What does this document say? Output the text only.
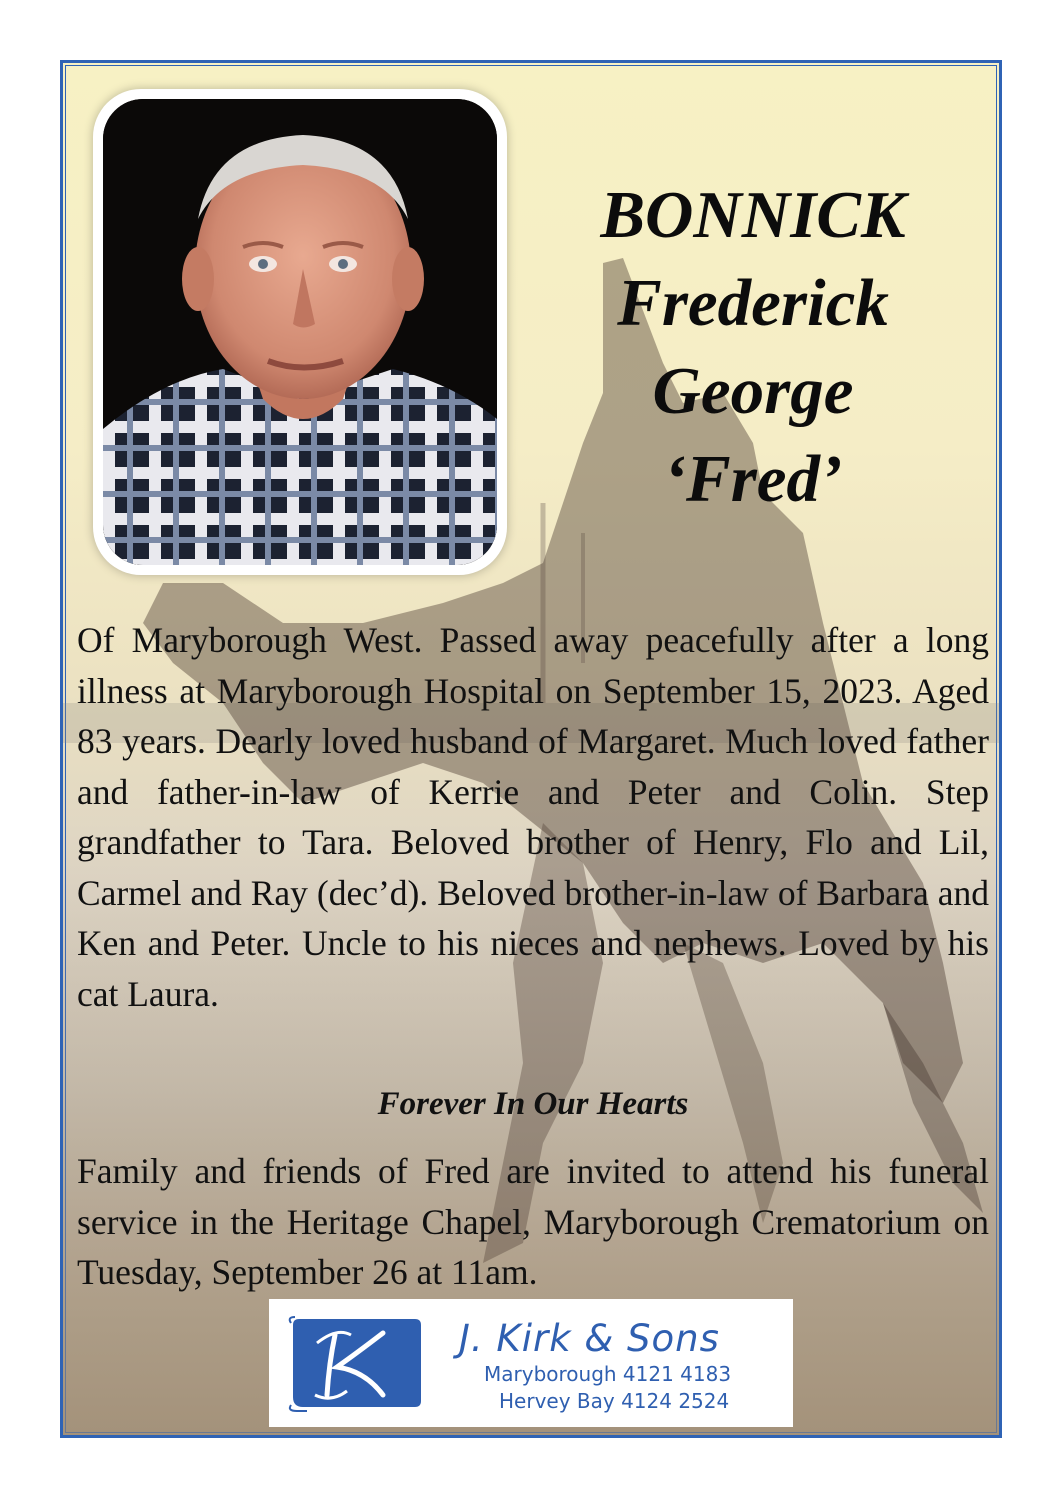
BONNICK
Frederick
George
‘Fred’
Of Maryborough West. Passed away peacefully after a long illness at Maryborough Hospital on September 15, 2023. Aged 83 years. Dearly loved husband of Margaret. Much loved father and father-in-law of Kerrie and Peter and Colin. Step grandfather to Tara. Beloved brother of Henry, Flo and Lil, Carmel and Ray (dec’d). Beloved brother-in-law of Barbara and Ken and Peter. Uncle to his nieces and nephews. Loved by his cat Laura.
Forever In Our Hearts
Family and friends of Fred are invited to attend his funeral service in the Heritage Chapel, Maryborough Crematorium on Tuesday, September 26 at 11am.
J. Kirk & Sons
Maryborough 4121 4183
Hervey Bay 4124 2524
